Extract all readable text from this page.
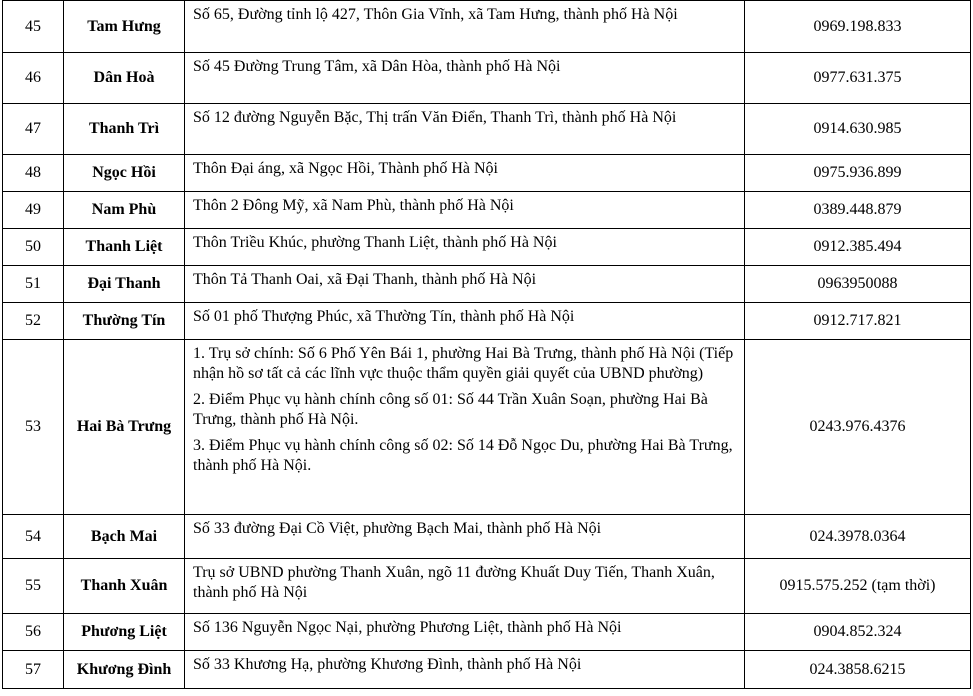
45	Tam Hưng	Số 65, Đường tỉnh lộ 427, Thôn Gia Vĩnh, xã Tam Hưng, thành phố Hà Nội	0969.198.833
46	Dân Hoà	Số 45 Đường Trung Tâm, xã Dân Hòa, thành phố Hà Nội	0977.631.375
47	Thanh Trì	Số 12 đường Nguyễn Bặc, Thị trấn Văn Điển, Thanh Trì, thành phố Hà Nội	0914.630.985
48	Ngọc Hồi	Thôn Đại áng, xã Ngọc Hồi, Thành phố Hà Nội	0975.936.899
49	Nam Phù	Thôn 2 Đông Mỹ, xã Nam Phù, thành phố Hà Nội	0389.448.879
50	Thanh Liệt	Thôn Triều Khúc, phường Thanh Liệt, thành phố Hà Nội	0912.385.494
51	Đại Thanh	Thôn Tả Thanh Oai, xã Đại Thanh, thành phố Hà Nội	0963950088
52	Thường Tín	Số 01 phố Thượng Phúc, xã Thường Tín, thành phố Hà Nội	0912.717.821
53	Hai Bà Trưng	1. Trụ sở chính: Số 6 Phố Yên Bái 1, phường Hai Bà Trưng, thành phố Hà Nội (Tiếp nhận hồ sơ tất cả các lĩnh vực thuộc thẩm quyền giải quyết của UBND phường)
2. Điểm Phục vụ hành chính công số 01: Số 44 Trần Xuân Soạn, phường Hai Bà Trưng, thành phố Hà Nội.
3. Điểm Phục vụ hành chính công số 02: Số 14 Đỗ Ngọc Du, phường Hai Bà Trưng, thành phố Hà Nội.	0243.976.4376
54	Bạch Mai	Số 33 đường Đại Cồ Việt, phường Bạch Mai, thành phố Hà Nội	024.3978.0364
55	Thanh Xuân	Trụ sở UBND phường Thanh Xuân, ngõ 11 đường Khuất Duy Tiến, Thanh Xuân, thành phố Hà Nội	0915.575.252 (tạm thời)
56	Phương Liệt	Số 136 Nguyễn Ngọc Nại, phường Phương Liệt, thành phố Hà Nội	0904.852.324
57	Khương Đình	Số 33 Khương Hạ, phường Khương Đình, thành phố Hà Nội	024.3858.6215
